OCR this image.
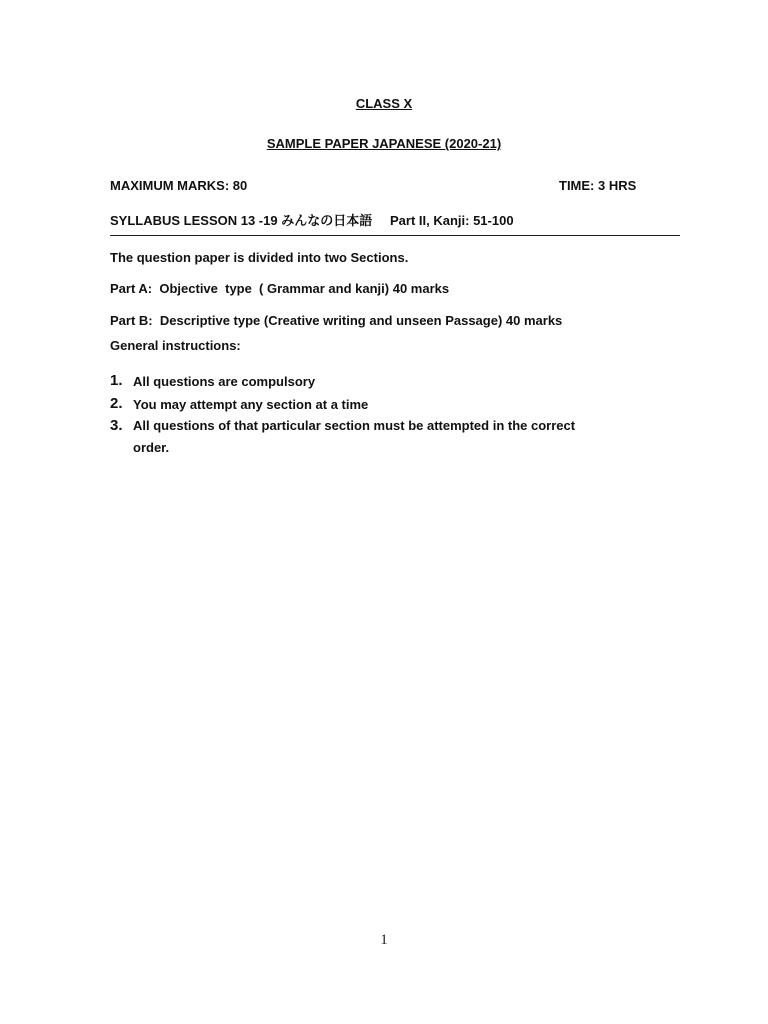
CLASS X
SAMPLE PAPER JAPANESE (2020-21)
MAXIMUM MARKS: 80	TIME: 3 HRS
SYLLABUS LESSON 13 -19 みんなの日本語 Part II, Kanji: 51-100
The question paper is divided into two Sections.
Part A:  Objective  type  ( Grammar and kanji) 40 marks
Part B:  Descriptive type (Creative writing and unseen Passage) 40 marks
General instructions:
1. All questions are compulsory
2. You may attempt any section at a time
3. All questions of that particular section must be attempted in the correct order.
1
